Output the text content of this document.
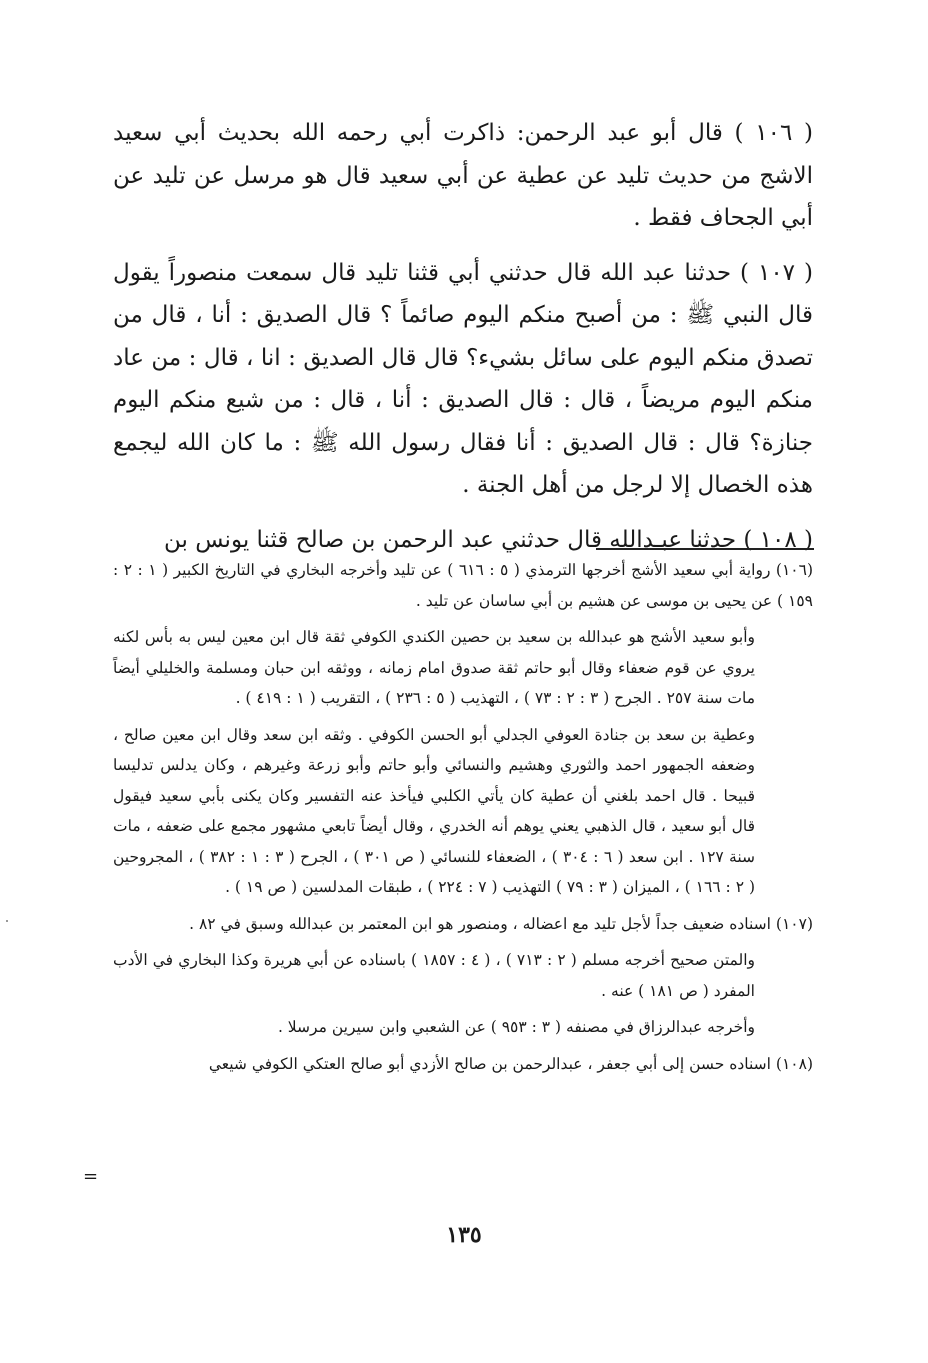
( ١٠٦ ) قال أبو عبد الرحمن: ذاكرت أبي رحمه الله بحديث أبي سعيد الاشج من حديث تليد عن عطية عن أبي سعيد قال هو مرسل عن تليد عن أبي الجحاف فقط .

( ١٠٧ ) حدثنا عبد الله قال حدثني أبي قثنا تليد قال سمعت منصوراً يقول قال النبي ﷺ : من أصبح منكم اليوم صائماً ؟ قال الصديق : أنا ، قال من تصدق منكم اليوم على سائل بشيء؟ قال قال الصديق : انا ، قال : من عاد منكم اليوم مريضاً ، قال : قال الصديق : أنا ، قال : من شيع منكم اليوم جنازة؟ قال : قال الصديق : أنا فقال رسول الله ﷺ : ما كان الله ليجمع هذه الخصال إلا لرجل من أهل الجنة .

( ١٠٨ ) حدثنا عبـدالله قال حدثني عبد الرحمن بن صالح قثنا يونس بن

(١٠٦) رواية أبي سعيد الأشج أخرجها الترمذي ( ٥ : ٦١٦ ) عن تليد وأخرجه البخاري في التاريخ الكبير ( ١ : ٢ : ١٥٩ ) عن يحيى بن موسى عن هشيم بن أبي ساسان عن تليد .

وأبو سعيد الأشج هو عبدالله بن سعيد بن حصين الكندي الكوفي ثقة قال ابن معين ليس به بأس لكنه يروي عن قوم ضعفاء وقال أبو حاتم ثقة صدوق امام زمانه ، ووثقه ابن حبان ومسلمة والخليلي أيضاً مات سنة ٢٥٧ . الجرح ( ٣ : ٢ : ٧٣ ) ، التهذيب ( ٥ : ٢٣٦ ) ، التقريب ( ١ : ٤١٩ ) .

وعطية بن سعد بن جنادة العوفي الجدلي أبو الحسن الكوفي . وثقه ابن سعد وقال ابن معين صالح ، وضعفه الجمهور احمد والثوري وهشيم والنسائي وأبو حاتم وأبو زرعة وغيرهم ، وكان يدلس تدليسا قبيحا . قال احمد بلغني أن عطية كان يأتي الكلبي فيأخذ عنه التفسير وكان يكنى بأبي سعيد فيقول قال أبو سعيد ، قال الذهبي يعني يوهم أنه الخدري ، وقال أيضاً تابعي مشهور مجمع على ضعفه ، مات سنة ١٢٧ . ابن سعد ( ٦ : ٣٠٤ ) ، الضعفاء للنسائي ( ص ٣٠١ ) ، الجرح ( ٣ : ١ : ٣٨٢ ) ، المجروحين ( ٢ : ١٦٦ ) ، الميزان ( ٣ : ٧٩ ) التهذيب ( ٧ : ٢٢٤ ) ، طبقات المدلسين ( ص ١٩ ) .

(١٠٧) اسناده ضعيف جداً لأجل تليد مع اعضاله ، ومنصور هو ابن المعتمر بن عبدالله وسبق في ٨٢ .

والمتن صحيح أخرجه مسلم ( ٢ : ٧١٣ ) ، ( ٤ : ١٨٥٧ ) باسناده عن أبي هريرة وكذا البخاري في الأدب المفرد ( ص ١٨١ ) عنه .

وأخرجه عبدالرزاق في مصنفه ( ٣ : ٩٥٣ ) عن الشعبي وابن سيرين مرسلا .

(١٠٨) اسناده حسن إلى أبي جعفر ، عبدالرحمن بن صالح الأزدي أبو صالح العتكي الكوفي شيعي

=
١٣٥
